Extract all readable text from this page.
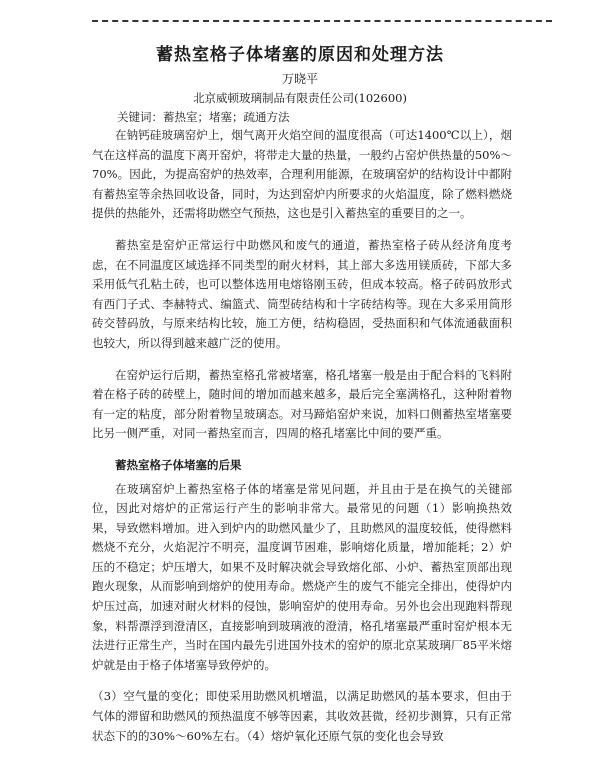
蓄热室格子体堵塞的原因和处理方法
万晓平
北京威顿玻璃制品有限责任公司(102600)
关键词：蓄热室；堵塞；疏通方法

在钠钙硅玻璃窑炉上，烟气离开火焰空间的温度很高（可达1400℃以上），烟气在这样高的温度下离开窑炉，将带走大量的热量，一般约占窑炉供热量的50%～70%。因此，为提高窑炉的热效率，合理利用能源，在玻璃窑炉的结构设计中都附有蓄热室等余热回收设备，同时，为达到窑炉内所要求的火焰温度，除了燃料燃烧提供的热能外，还需将助燃空气预热，这也是引入蓄热室的重要目的之一。

蓄热室是窑炉正常运行中助燃风和废气的通道，蓄热室格子砖从经济角度考虑，在不同温度区域选择不同类型的耐火材料，其上部大多选用镁质砖，下部大多采用低气孔粘土砖，也可以整体选用电熔铬刚玉砖，但成本较高。格子砖码放形式有西门子式、李赫特式、编篮式、筒型砖结构和十字砖结构等。现在大多采用筒形砖交替码放，与原来结构比较，施工方便，结构稳固，受热面积和气体流通截面积也较大，所以得到越来越广泛的使用。

在窑炉运行后期，蓄热室格孔常被堵塞，格孔堵塞一般是由于配合料的飞料附着在格子砖的砖壁上，随时间的增加而越来越多，最后完全塞满格孔，这种附着物有一定的粘度，部分附着物呈玻璃态。对马蹄焰窑炉来说，加料口侧蓄热室堵塞要比另一侧严重，对同一蓄热室而言，四周的格孔堵塞比中间的要严重。

蓄热室格子体堵塞的后果

在玻璃窑炉上蓄热室格子体的堵塞是常见问题，并且由于是在换气的关键部位，因此对熔炉的正常运行产生的影响非常大。最常见的问题（1）影响换热效果，导致燃料增加。进入到炉内的助燃风量少了，且助燃风的温度较低，使得燃料燃烧不充分，火焰泥泞不明亮，温度调节困难，影响熔化质量，增加能耗；2）炉压的不稳定；炉压增大，如果不及时解决就会导致熔化部、小炉、蓄热室顶部出现跑火现象，从而影响到熔炉的使用寿命。燃烧产生的废气不能完全排出，使得炉内炉压过高，加速对耐火材料的侵蚀，影响窑炉的使用寿命。另外也会出现跑料帮现象，料帮漂浮到澄清区，直接影响到玻璃液的澄清，格孔堵塞最严重时窑炉根本无法进行正常生产，当时在国内最先引进国外技术的窑炉的原北京某玻璃厂85平米熔炉就是由于格子体堵塞导致停炉的。

（3）空气量的变化；即使采用助燃风机增温，以满足助燃风的基本要求，但由于气体的滞留和助燃风的预热温度不够等因素，其收效甚微，经初步测算，只有正常状态下的的30%～60%左右。（4）熔炉氧化还原气氛的变化也会导致
